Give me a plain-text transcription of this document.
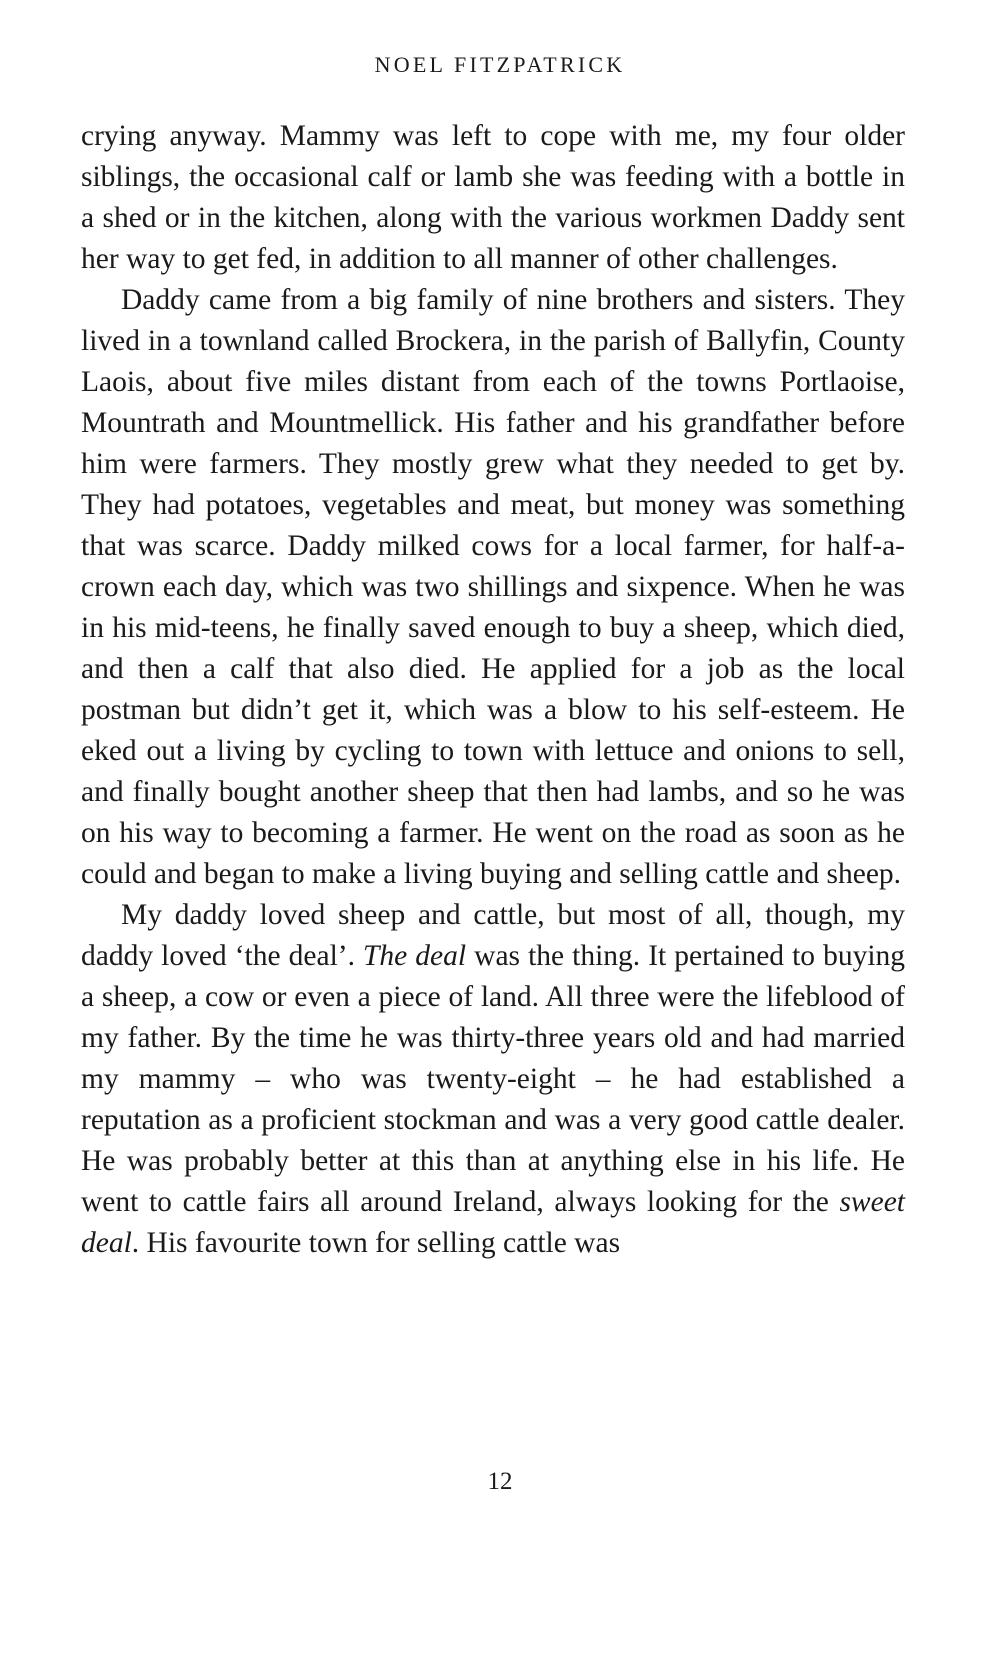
NOEL FITZPATRICK

crying anyway. Mammy was left to cope with me, my four older siblings, the occasional calf or lamb she was feeding with a bottle in a shed or in the kitchen, along with the various workmen Daddy sent her way to get fed, in addition to all manner of other challenges.

Daddy came from a big family of nine brothers and sisters. They lived in a townland called Brockera, in the parish of Ballyfin, County Laois, about five miles distant from each of the towns Portlaoise, Mountrath and Mountmellick. His father and his grandfather before him were farmers. They mostly grew what they needed to get by. They had potatoes, vegetables and meat, but money was something that was scarce. Daddy milked cows for a local farmer, for half-a-crown each day, which was two shillings and sixpence. When he was in his mid-teens, he finally saved enough to buy a sheep, which died, and then a calf that also died. He applied for a job as the local postman but didn’t get it, which was a blow to his self-esteem. He eked out a living by cycling to town with lettuce and onions to sell, and finally bought another sheep that then had lambs, and so he was on his way to becoming a farmer. He went on the road as soon as he could and began to make a living buying and selling cattle and sheep.

My daddy loved sheep and cattle, but most of all, though, my daddy loved ‘the deal’. The deal was the thing. It pertained to buying a sheep, a cow or even a piece of land. All three were the lifeblood of my father. By the time he was thirty-three years old and had married my mammy – who was twenty-eight – he had established a reputation as a proficient stockman and was a very good cattle dealer. He was probably better at this than at anything else in his life. He went to cattle fairs all around Ireland, always looking for the sweet deal. His favourite town for selling cattle was

12
